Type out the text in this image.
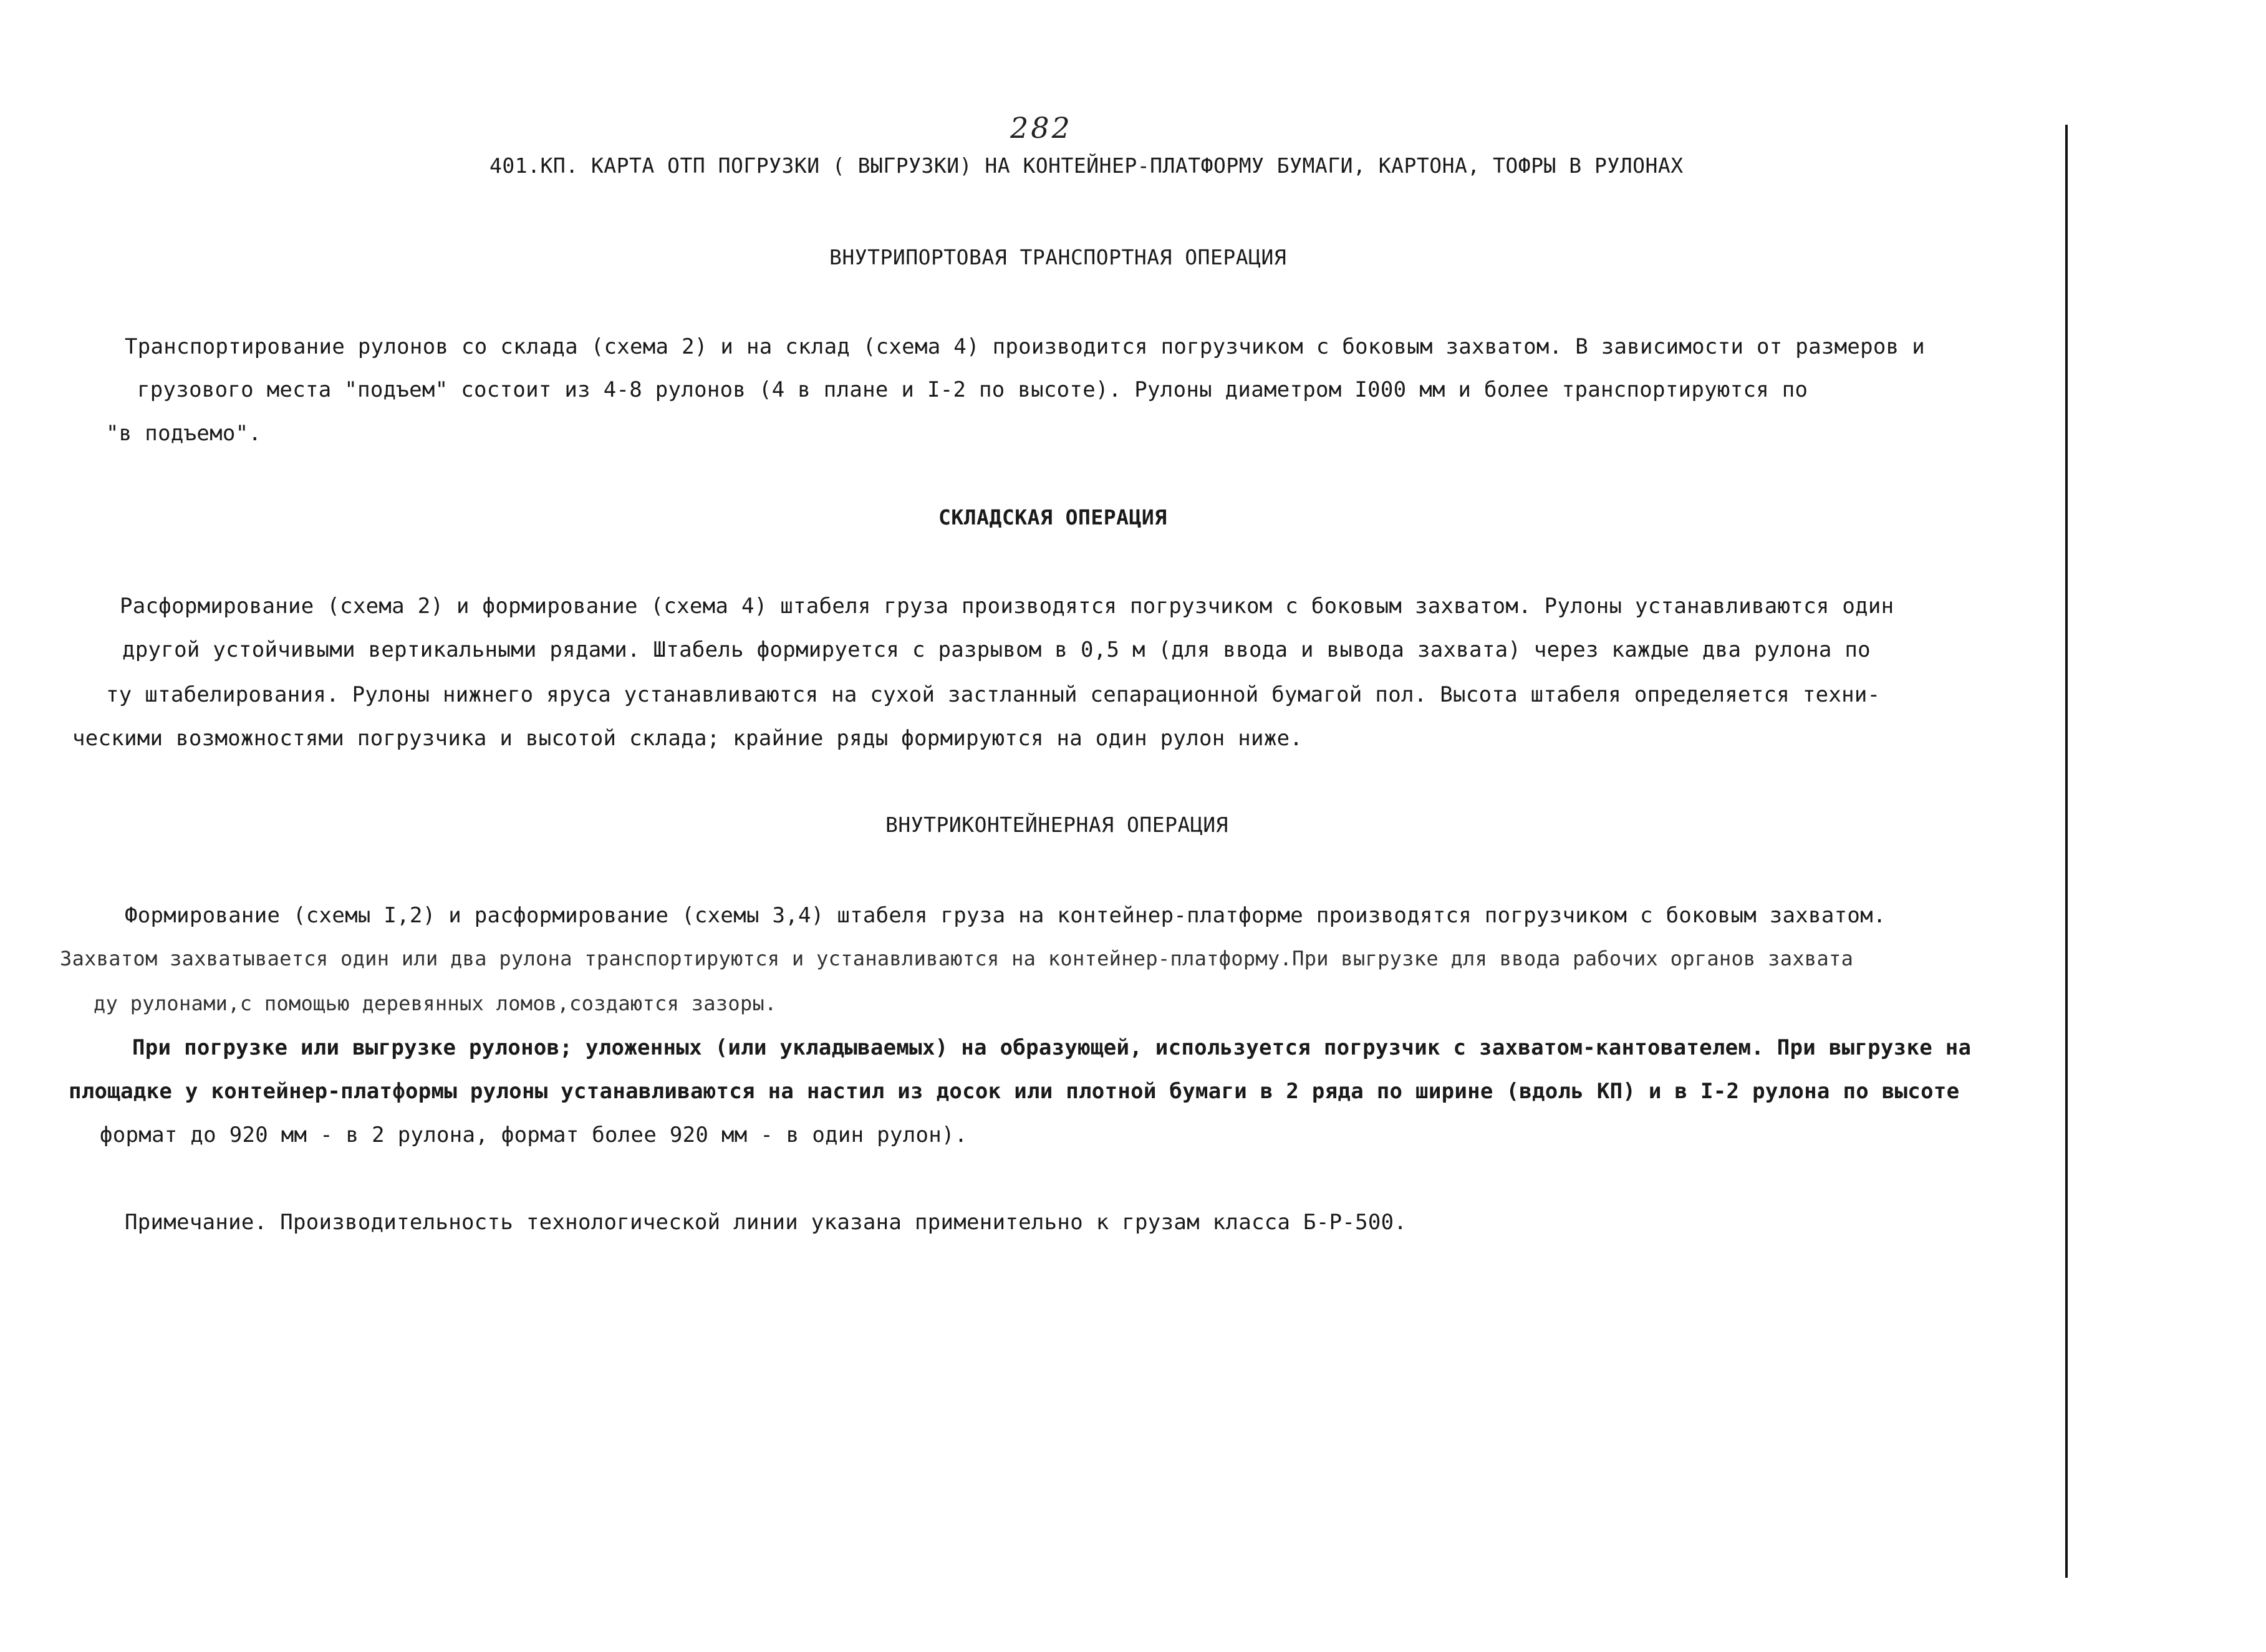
282
401.КП. КАРТА ОТП ПОГРУЗКИ ( ВЫГРУЗКИ) НА КОНТЕЙНЕР-ПЛАТФОРМУ БУМАГИ, КАРТОНА, ТОФРЫ В РУЛОНАХ
ВНУТРИПОРТОВАЯ ТРАНСПОРТНАЯ ОПЕРАЦИЯ
Транспортирование рулонов со склада (схема 2) и на склад (схема 4) производится погрузчиком с боковым захватом. В зависимости от размеров и
грузового места "подъем" состоит из 4-8 рулонов (4 в плане и I-2 по высоте). Рулоны диаметром I000 мм и более транспортируются по
"в подъемо".
СКЛАДСКАЯ ОПЕРАЦИЯ
Расформирование (схема 2) и формирование (схема 4) штабеля груза производятся погрузчиком с боковым захватом. Рулоны устанавливаются один
другой устойчивыми вертикальными рядами. Штабель формируется с разрывом в 0,5 м (для ввода и вывода захвата) через каждые два рулона по
ту штабелирования. Рулоны нижнего яруса устанавливаются на сухой застланный сепарационной бумагой пол. Высота штабеля определяется техни-
ческими возможностями погрузчика и высотой склада; крайние ряды формируются на один рулон ниже.
ВНУТРИКОНТЕЙНЕРНАЯ ОПЕРАЦИЯ
Формирование (схемы I,2) и расформирование (схемы 3,4) штабеля груза на контейнер-платформе производятся погрузчиком с боковым захватом.
Захватом захватывается один или два рулона транспортируются и устанавливаются на контейнер-платформу.При выгрузке для ввода рабочих органов захвата
ду рулонами,с помощью деревянных ломов,создаются зазоры.
При погрузке или выгрузке рулонов; уложенных (или укладываемых) на образующей, используется погрузчик с захватом-кантователем. При выгрузке на
площадке у контейнер-платформы рулоны устанавливаются на настил из досок или плотной бумаги в 2 ряда по ширине (вдоль КП) и в I-2 рулона по высоте
формат до 920 мм - в 2 рулона, формат более 920 мм - в один рулон).
Примечание. Производительность технологической линии указана применительно к грузам класса Б-Р-500.
